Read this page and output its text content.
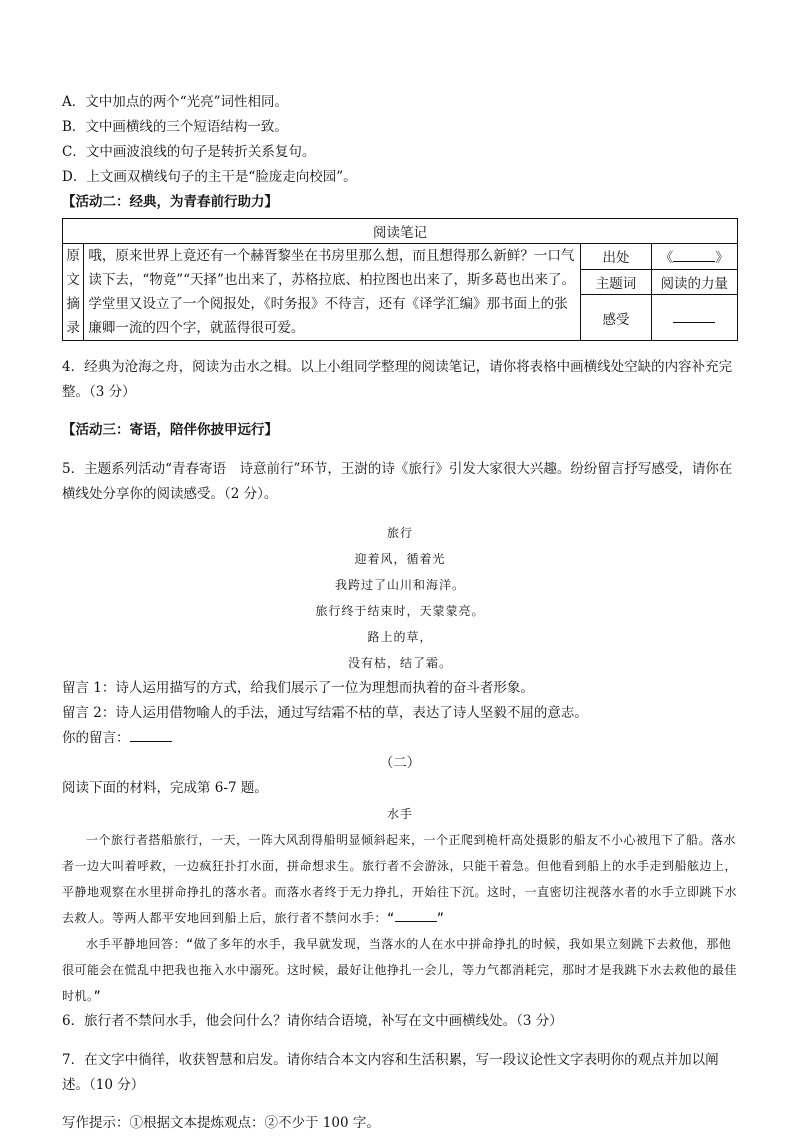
A．文中加点的两个“光亮”词性相同。

B．文中画横线的三个短语结构一致。

C．文中画波浪线的句子是转折关系复句。

D．上文画双横线句子的主干是“脸庞走向校园”。

【活动二：经典，为青春前行助力】

阅读笔记			

原
文
摘
录	哦，原来世界上竟还有一个赫胥黎坐在书房里那么想，而且想得那么新鲜？一口气读下去，“物竟”“天择”也出来了，苏格拉底、柏拉图也出来了，斯多葛也出来了。学堂里又设立了一个阅报处，《时务报》不待言，还有《译学汇编》那书面上的张廉卿一流的四个字，就蓝得很可爱。	出处	《 》
		主题词	阅读的力量
		感受	

4．经典为沧海之舟，阅读为击水之楫。以上小组同学整理的阅读笔记，请你将表格中画横线处空缺的内容补充完整。（3 分）

【活动三：寄语，陪伴你披甲远行】

5．主题系列活动“青春寄语　诗意前行”环节，王澍的诗《旅行》引发大家很大兴趣。纷纷留言抒写感受，请你在横线处分享你的阅读感受。（2 分）。

旅行

迎着风，循着光

我跨过了山川和海洋。

旅行终于结束时，天蒙蒙亮。

路上的草，

没有枯，结了霜。

留言 1：诗人运用描写的方式，给我们展示了一位为理想而执着的奋斗者形象。

留言 2：诗人运用借物喻人的手法，通过写结霜不枯的草，表达了诗人坚毅不屈的意志。

你的留言：

（二）

阅读下面的材料，完成第 6-7 题。

水手

一个旅行者搭船旅行，一天，一阵大风刮得船明显倾斜起来，一个正爬到桅杆高处摄影的船友不小心被甩下了船。落水者一边大叫着呼救，一边疯狂扑打水面，拼命想求生。旅行者不会游泳，只能干着急。但他看到船上的水手走到船舷边上，平静地观察在水里拼命挣扎的落水者。而落水者终于无力挣扎，开始往下沉。这时，一直密切注视落水者的水手立即跳下水去救人。等两人都平安地回到船上后，旅行者不禁问水手：“	”

水手平静地回答：“做了多年的水手，我早就发现，当落水的人在水中拼命挣扎的时候，我如果立刻跳下去救他，那他很可能会在慌乱中把我也拖入水中溺死。这时候，最好让他挣扎一会儿，等力气都消耗完，那时才是我跳下水去救他的最佳时机。”

6．旅行者不禁问水手，他会问什么？请你结合语境，补写在文中画横线处。（3 分）

7．在文字中徜徉，收获智慧和启发。请你结合本文内容和生活积累，写一段议论性文字表明你的观点并加以阐述。（10 分）

写作提示：①根据文本提炼观点：②不少于 100 字。
